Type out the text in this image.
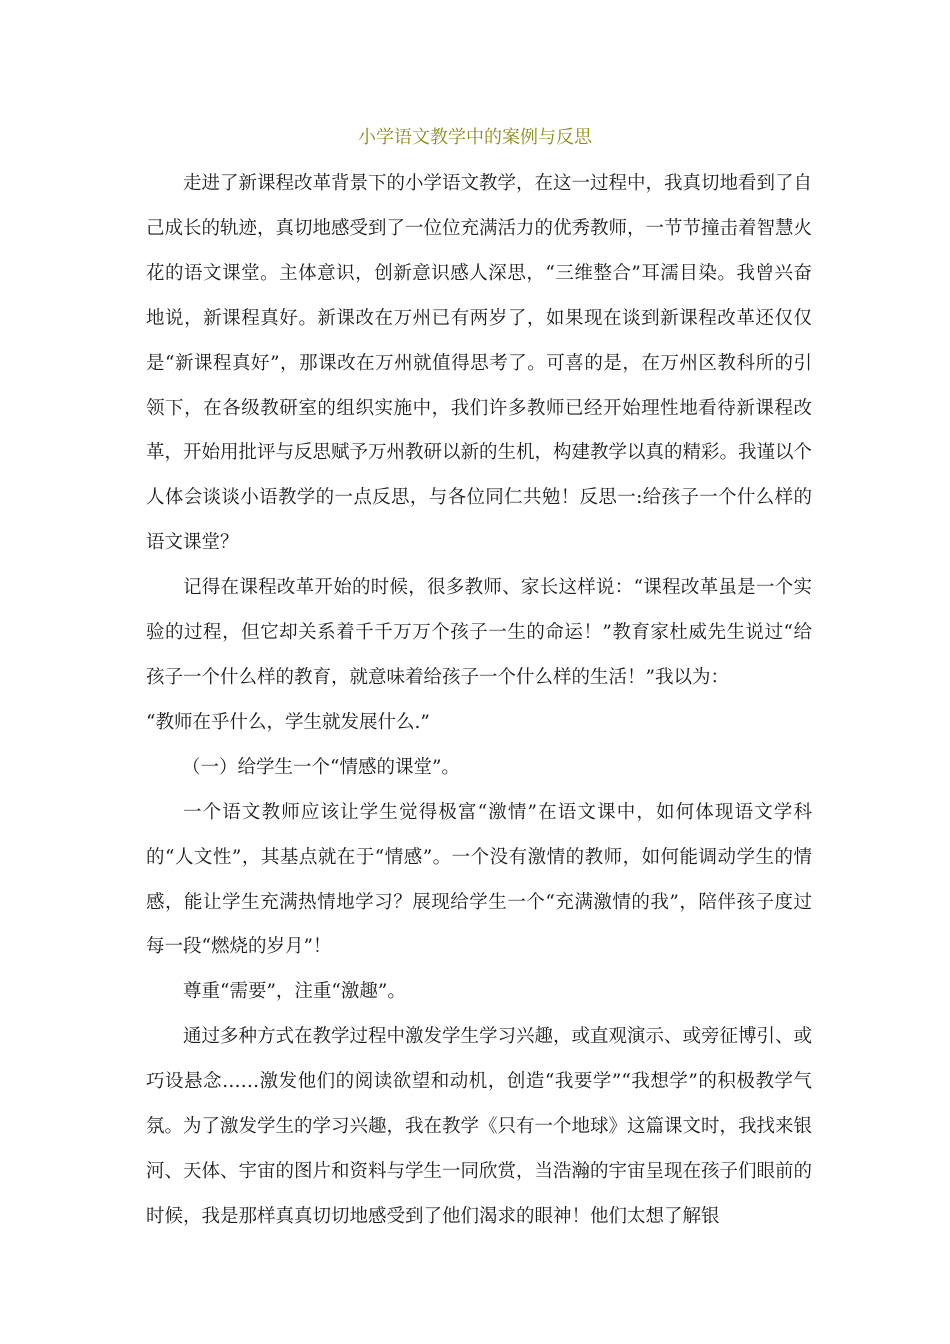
小学语文教学中的案例与反思

走进了新课程改革背景下的小学语文教学，在这一过程中，我真切地看到了自己成长的轨迹，真切地感受到了一位位充满活力的优秀教师，一节节撞击着智慧火花的语文课堂。主体意识，创新意识感人深思，“三维整合”耳濡目染。我曾兴奋地说，新课程真好。新课改在万州已有两岁了，如果现在谈到新课程改革还仅仅是“新课程真好”，那课改在万州就值得思考了。可喜的是，在万州区教科所的引领下，在各级教研室的组织实施中，我们许多教师已经开始理性地看待新课程改革，开始用批评与反思赋予万州教研以新的生机，构建教学以真的精彩。我谨以个人体会谈谈小语教学的一点反思，与各位同仁共勉！反思一:给孩子一个什么样的语文课堂？

记得在课程改革开始的时候，很多教师、家长这样说：“课程改革虽是一个实验的过程，但它却关系着千千万万个孩子一生的命运！”教育家杜威先生说过“给孩子一个什么样的教育，就意味着给孩子一个什么样的生活！”我以为：

“教师在乎什么，学生就发展什么.”

（一）给学生一个“情感的课堂”。

一个语文教师应该让学生觉得极富“激情”在语文课中，如何体现语文学科的“人文性”，其基点就在于“情感”。一个没有激情的教师，如何能调动学生的情感，能让学生充满热情地学习？展现给学生一个“充满激情的我”，陪伴孩子度过每一段“燃烧的岁月”！

尊重“需要”，注重“激趣”。

通过多种方式在教学过程中激发学生学习兴趣，或直观演示、或旁征博引、或巧设悬念……激发他们的阅读欲望和动机，创造“我要学”“我想学”的积极教学气氛。为了激发学生的学习兴趣，我在教学《只有一个地球》这篇课文时，我找来银河、天体、宇宙的图片和资料与学生一同欣赏，当浩瀚的宇宙呈现在孩子们眼前的时候，我是那样真真切切地感受到了他们渴求的眼神！他们太想了解银
